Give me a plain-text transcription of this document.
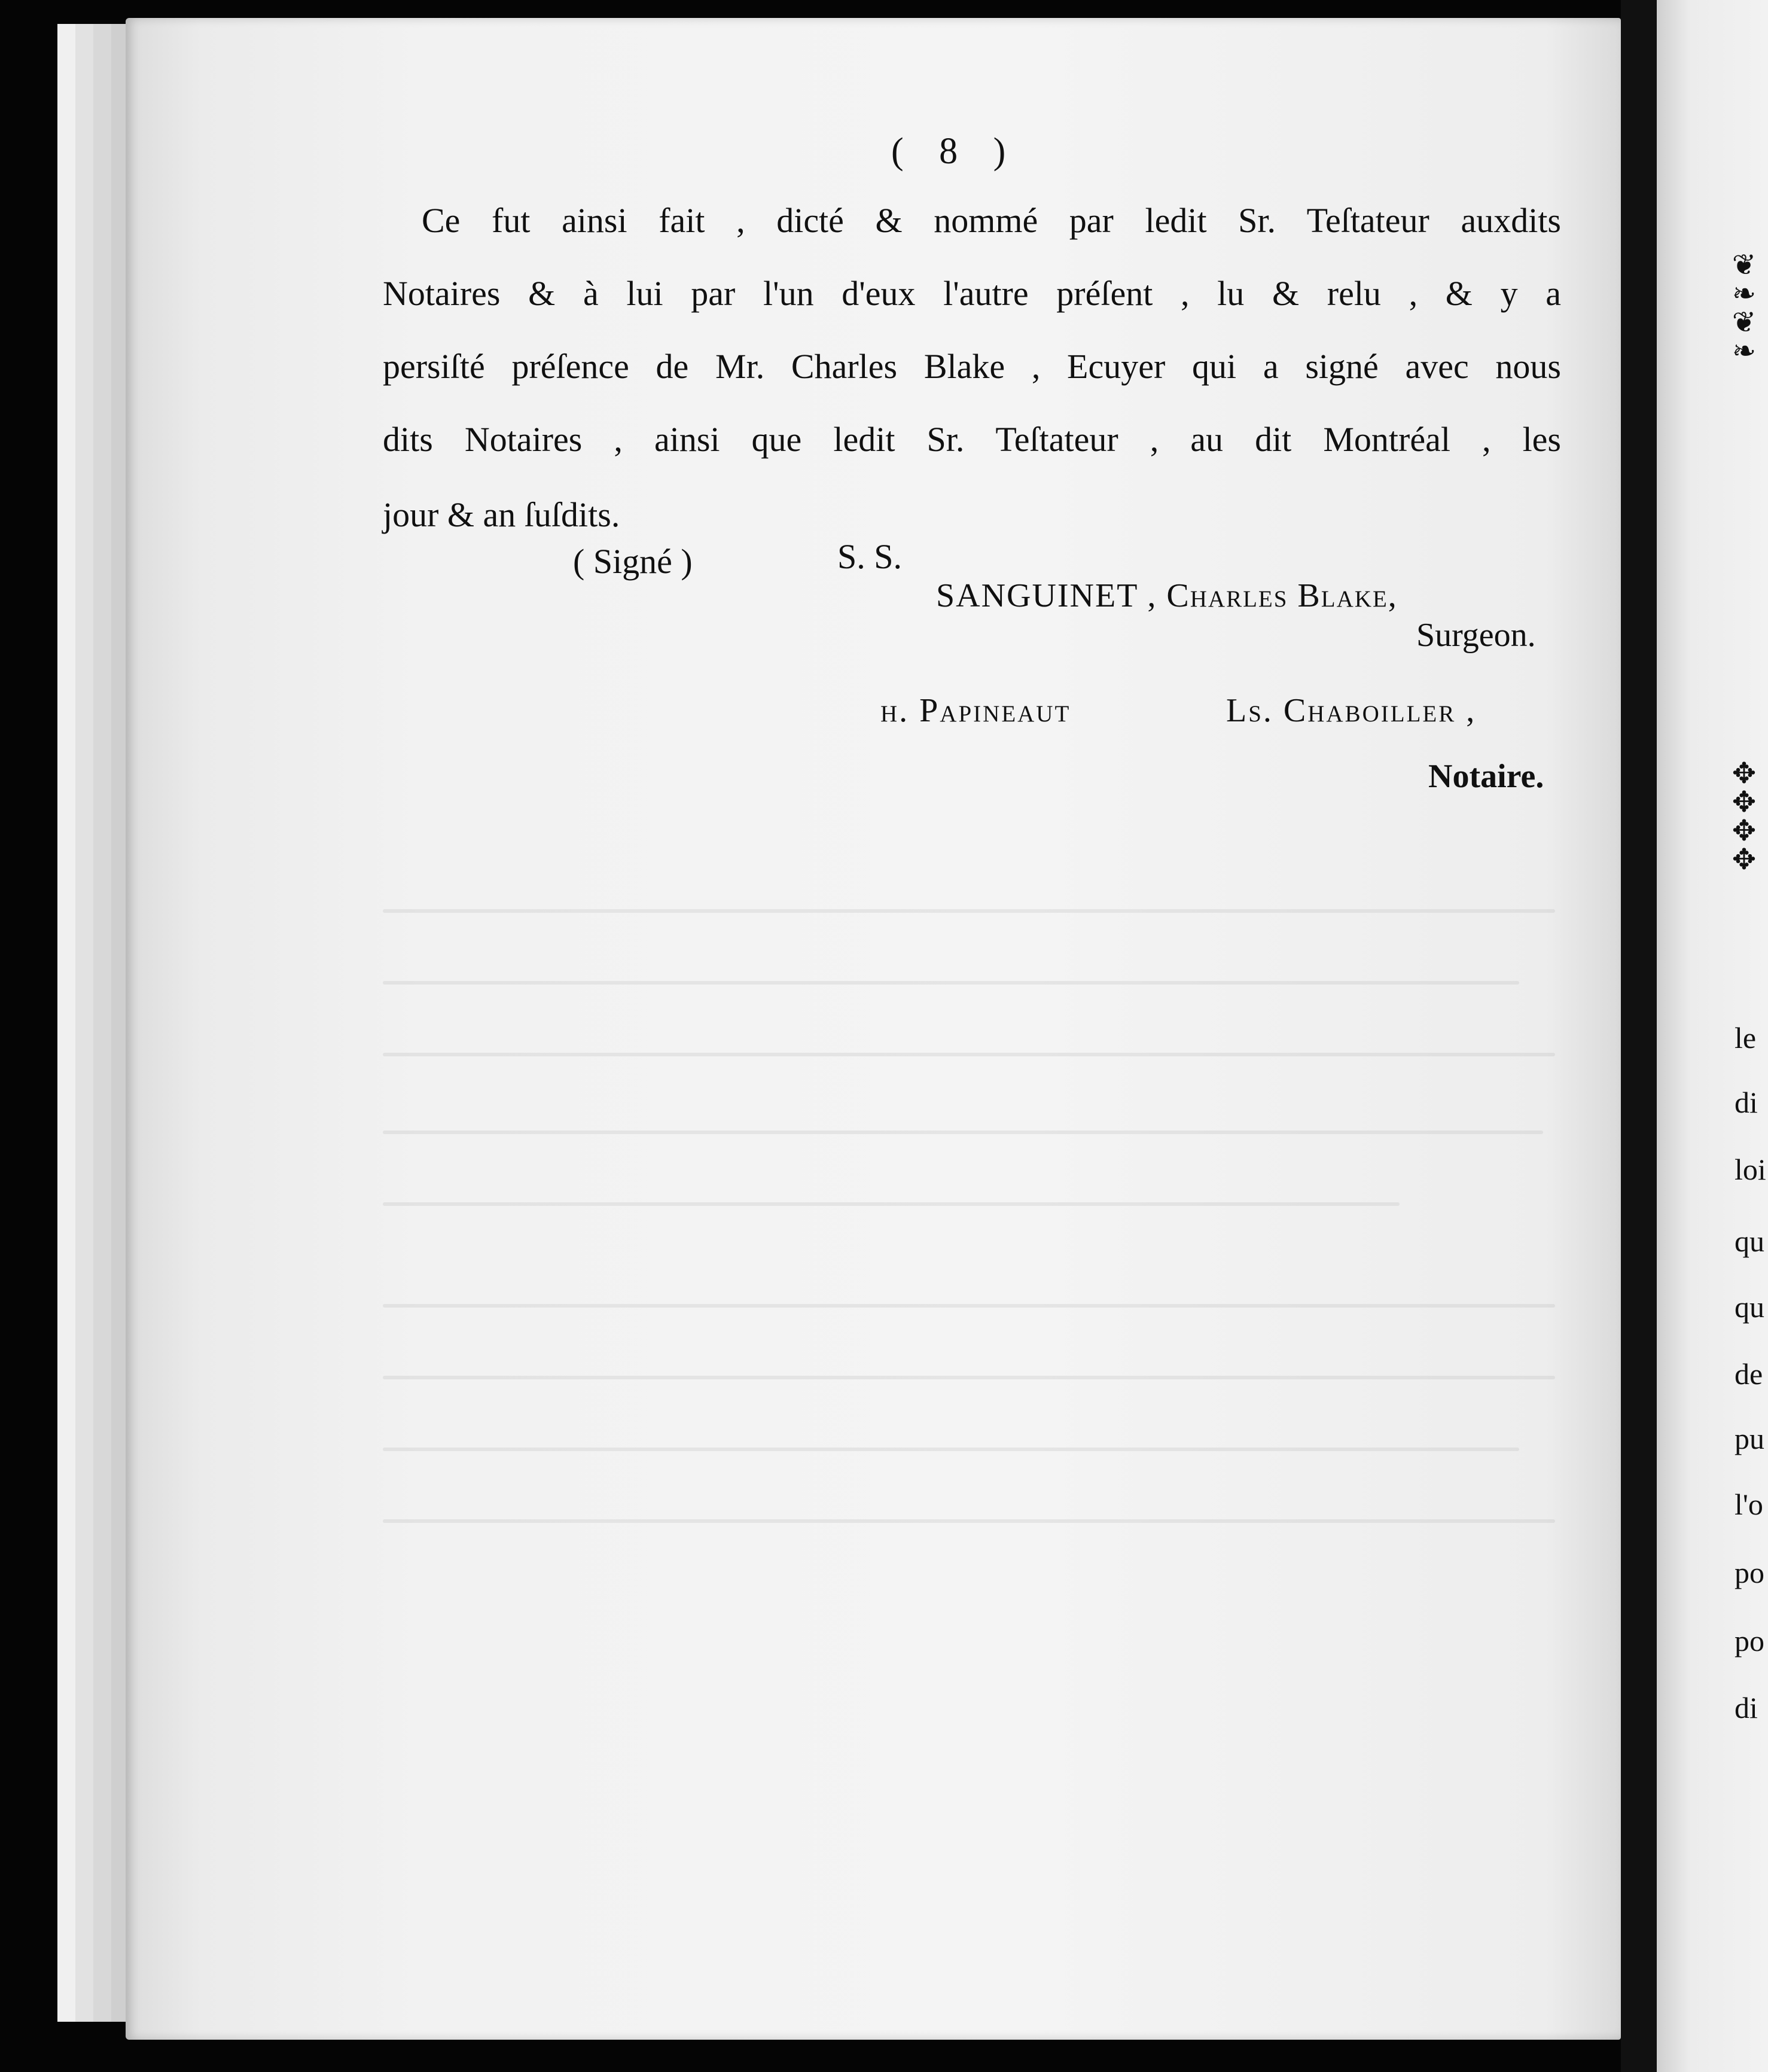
( 8 )
Ce fut ainsi fait , dicté & nommé par ledit Sr. Teſtateur auxdits
Notaires & à lui par l'un d'eux l'autre préſent , lu & relu , & y a
persiſté préſence de Mr. Charles Blake , Ecuyer qui a signé avec nous
dits Notaires , ainsi que ledit Sr. Teſtateur , au dit Montréal , les
jour & an ſuſdits.
( Signé )	S. S.
SANGUINET , Charles Blake,
Surgeon.
h. Papineaut	Ls. Chaboiller ,
Notaire.
❦
❧
❦
❧
✥
✥
✥
✥
le
di
loi
qu
qu
de
pu
l'o
po
po
di
